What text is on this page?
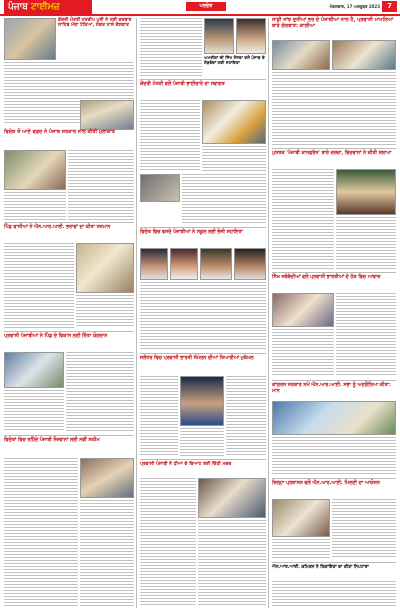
ਪੰਜਾਬ ਟਾਈਮਜ਼	ਪਰਦੇਸ਼	ਮੰਗਲਵਾਰ, 17 ਅਕਤੂਬਰ 2023	7
ਕੇਂਦਰੀ ਮੰਤਰੀ ਹਰਦੀਪ ਪੁਰੀ ਨੇ ਸ੍ਰੀ ਦਰਬਾਰ ਸਾਹਿਬ ਮੱਥਾ ਟੇਕਿਆ, ਸੰਗਤ ਨਾਲ ਗੱਲਬਾਤ
ਵਿਦੇਸ਼ ਤੋਂ ਆਏ ਵਫ਼ਦ ਨੇ ਪੰਜਾਬ ਸਰਕਾਰ ਨਾਲ ਕੀਤੀ ਮੁਲਾਕਾਤ
ਪਿੰਡ ਵਾਸੀਆਂ ਨੇ ਐਨ.ਆਰ.ਆਈ. ਭਰਾਵਾਂ ਦਾ ਕੀਤਾ ਸਨਮਾਨ
ਪ੍ਰਵਾਸੀ ਪੰਜਾਬੀਆਂ ਨੇ ਪਿੰਡ ਦੇ ਵਿਕਾਸ ਲਈ ਦਿੱਤਾ ਯੋਗਦਾਨ
ਵਿਦੇਸ਼ਾਂ ਵਿਚ ਰਹਿੰਦੇ ਪੰਜਾਬੀ ਨੌਜਵਾਨਾਂ ਲਈ ਨਵੀਂ ਸਕੀਮ
ਅਮਰੀਕਾ ਦੀ ਸਿੱਖ ਸੰਸਥਾ ਵਲੋਂ ਪੰਜਾਬ ਦੇ ਲੋੜਵੰਦਾਂ ਲਈ ਸਹਾਇਤਾ
ਕੇਂਦਰੀ ਮੰਤਰੀ ਵਲੋਂ ਪੰਜਾਬੀ ਭਾਈਚਾਰੇ ਦਾ ਸਵਾਗਤ
ਵਿਦੇਸ਼ ਵਿਚ ਵਸਦੇ ਪੰਜਾਬੀਆਂ ਨੇ ਸਕੂਲ ਲਈ ਭੇਜੀ ਸਹਾਇਤਾ
ਜਲੰਧਰ ਵਿਚ ਪ੍ਰਵਾਸੀ ਭਾਰਤੀ ਸੰਮੇਲਨ ਦੀਆਂ ਤਿਆਰੀਆਂ ਮੁਕੰਮਲ
ਪ੍ਰਵਾਸੀ ਪੰਜਾਬੀ ਨੇ ਧੀਆਂ ਦੇ ਵਿਆਹ ਲਈ ਦਿੱਤੀ ਮਦਦ
ਸਾਡੀ ਸਾਂਝ ਦੁਨੀਆਂ ਭਰ ਦੇ ਪੰਜਾਬੀਆਂ ਨਾਲ ਹੈ, ਪ੍ਰਵਾਸੀ ਮਾਮਲਿਆਂ ਬਾਰੇ ਗੱਲਬਾਤ: ਕਾਲੀਆ
ਪੁਸਤਕ 'ਪੰਜਾਬੀ ਕਾਨਫ਼ਰੰਸ' ਬਾਰੇ ਚਰਚਾ, ਵਿਦਵਾਨਾਂ ਨੇ ਕੀਤੀ ਸ਼ਲਾਘਾ
ਸਿੱਖ ਜਥੇਬੰਦੀਆਂ ਵਲੋਂ ਪ੍ਰਵਾਸੀ ਭਾਰਤੀਆਂ ਦੇ ਹੱਕ ਵਿਚ ਆਵਾਜ਼
ਕਾਂਗਰਸ ਸਰਕਾਰ ਸਮੇਂ ਐਨ.ਆਰ.ਆਈ. ਸਭਾ ਨੂੰ ਅਣਗੌਲਿਆ ਕੀਤਾ: ਮਾਨ
ਜ਼ਿਲ੍ਹਾ ਪ੍ਰਸ਼ਾਸਨ ਵਲੋਂ ਐਨ.ਆਰ.ਆਈ. ਮਿਲਣੀ ਦਾ ਆਯੋਜਨ
ਐਨ.ਆਰ.ਆਈ. ਕਮਿਸ਼ਨ ਨੇ ਸ਼ਿਕਾਇਤਾਂ ਦਾ ਕੀਤਾ ਨਿਪਟਾਰਾ
